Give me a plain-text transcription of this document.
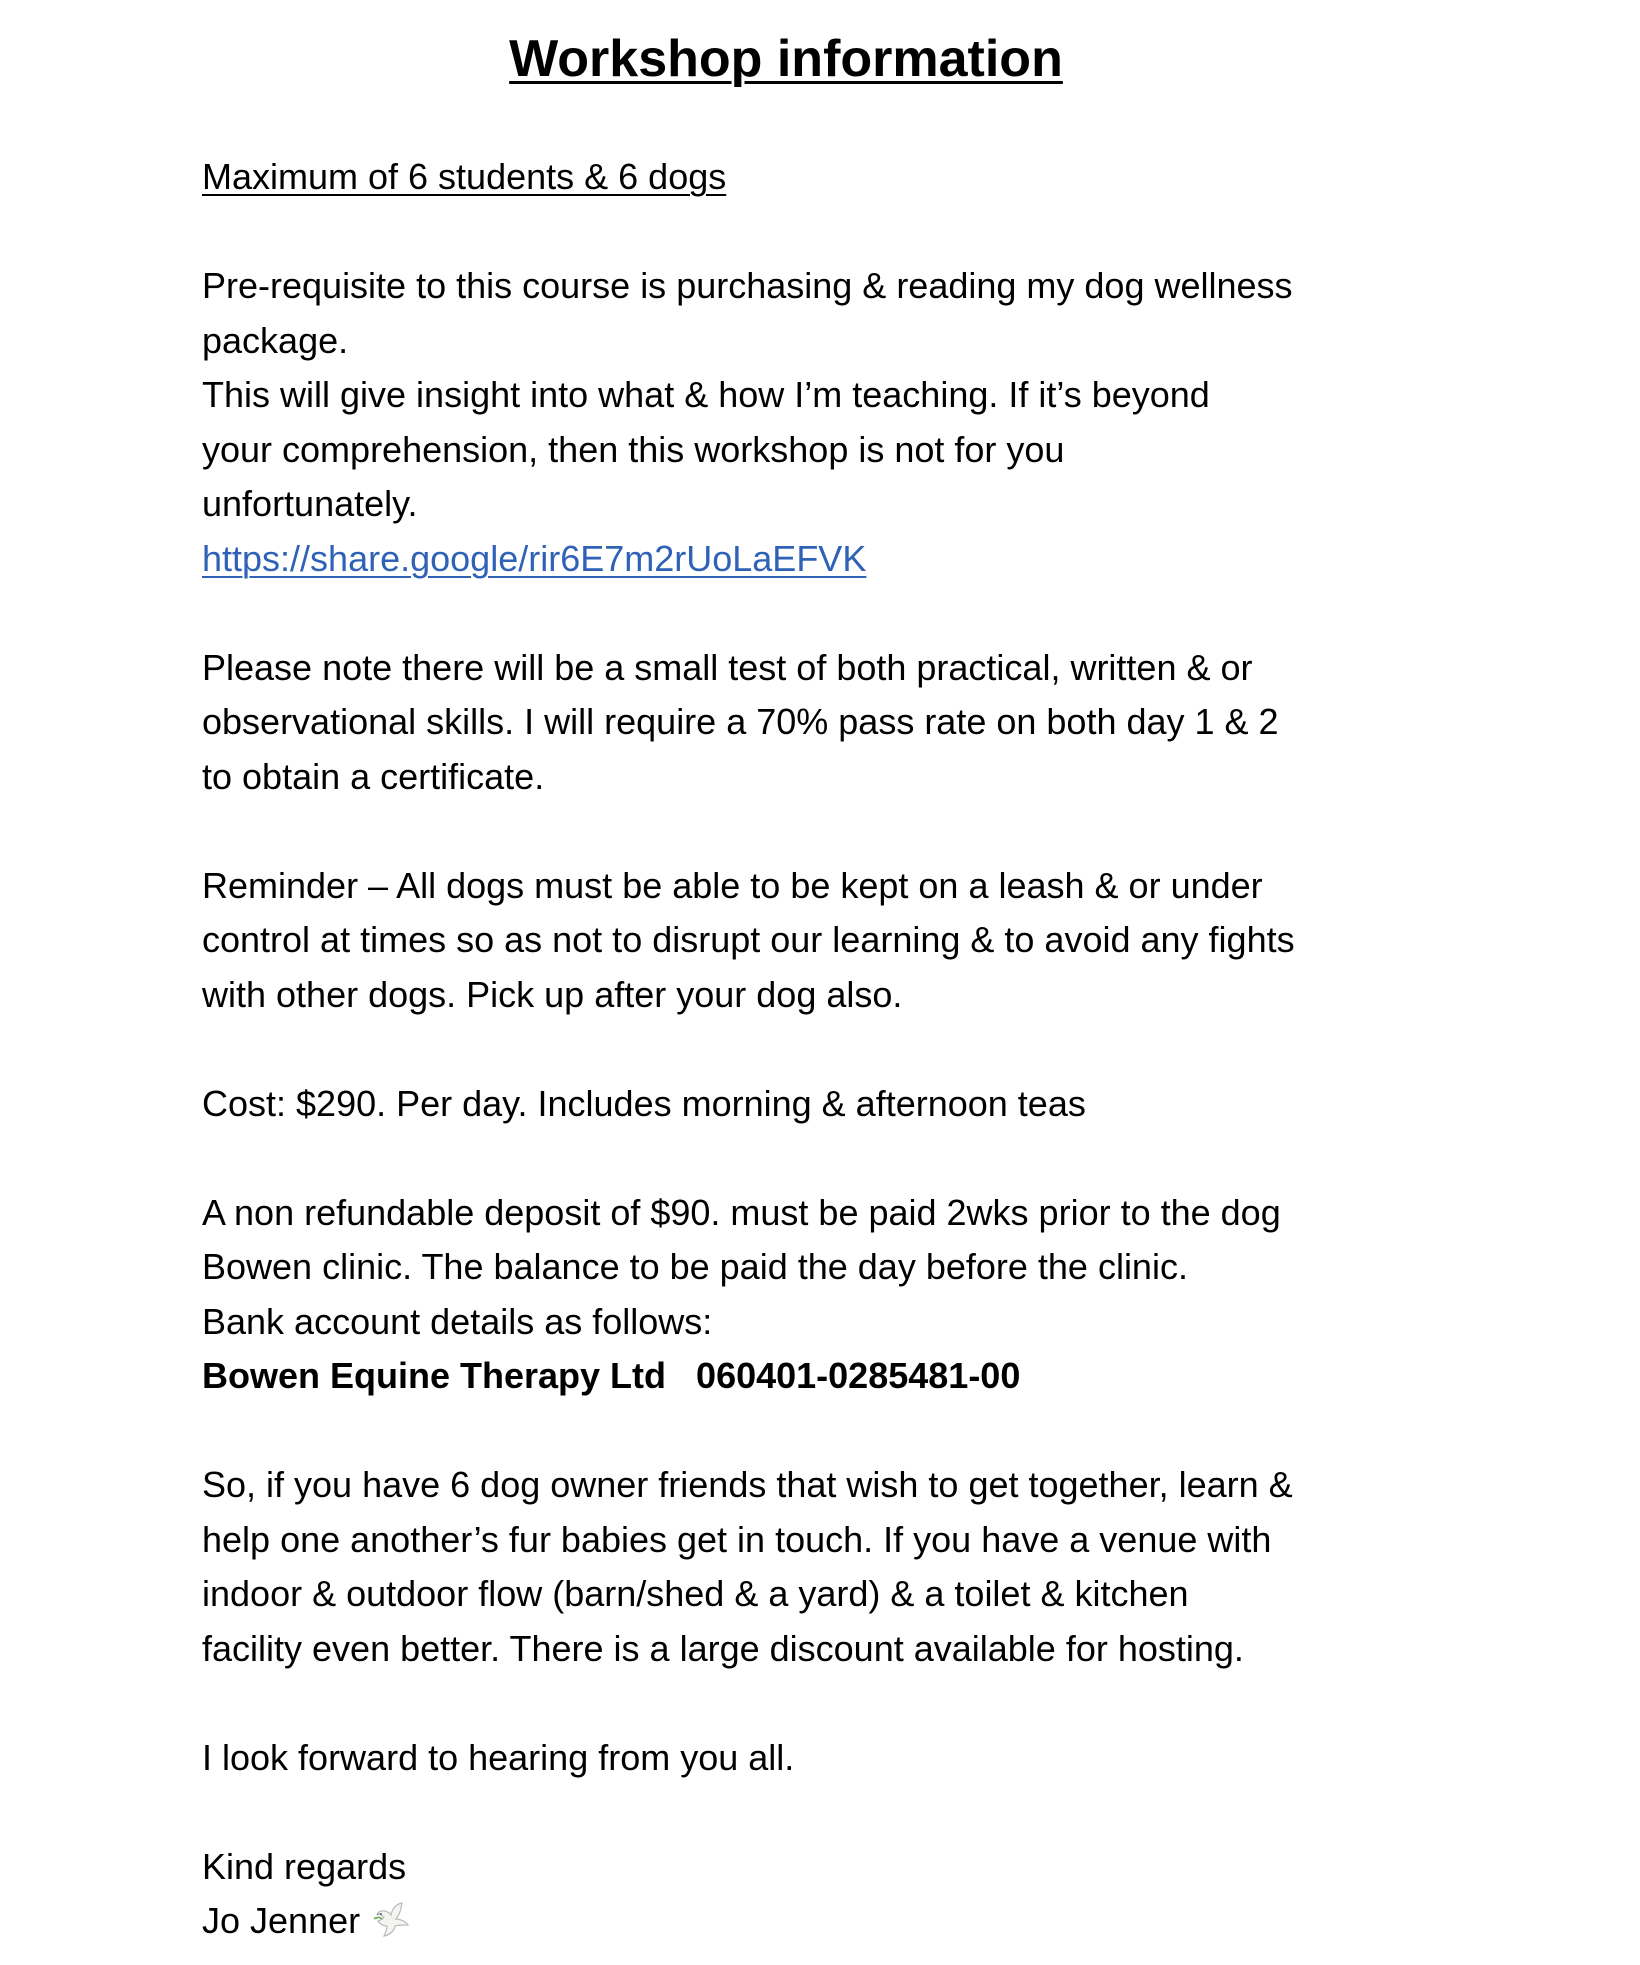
Workshop information

Maximum of 6 students & 6 dogs

Pre-requisite to this course is purchasing & reading my dog wellness

package.

This will give insight into what & how I’m teaching. If it’s beyond

your comprehension, then this workshop is not for you

unfortunately.

https://share.google/rir6E7m2rUoLaEFVK

Please note there will be a small test of both practical, written & or

observational skills. I will require a 70% pass rate on both day 1 & 2

to obtain a certificate.

Reminder – All dogs must be able to be kept on a leash & or under

control at times so as not to disrupt our learning & to avoid any fights

with other dogs. Pick up after your dog also.

Cost: $290. Per day. Includes morning & afternoon teas

A non refundable deposit of $90. must be paid 2wks prior to the dog

Bowen clinic. The balance to be paid the day before the clinic.

Bank account details as follows:

Bowen Equine Therapy Ltd 060401-0285481-00

So, if you have 6 dog owner friends that wish to get together, learn &

help one another’s fur babies get in touch. If you have a venue with

indoor & outdoor flow (barn/shed & a yard) & a toilet & kitchen

facility even better. There is a large discount available for hosting.

I look forward to hearing from you all.

Kind regards

Jo Jenner
